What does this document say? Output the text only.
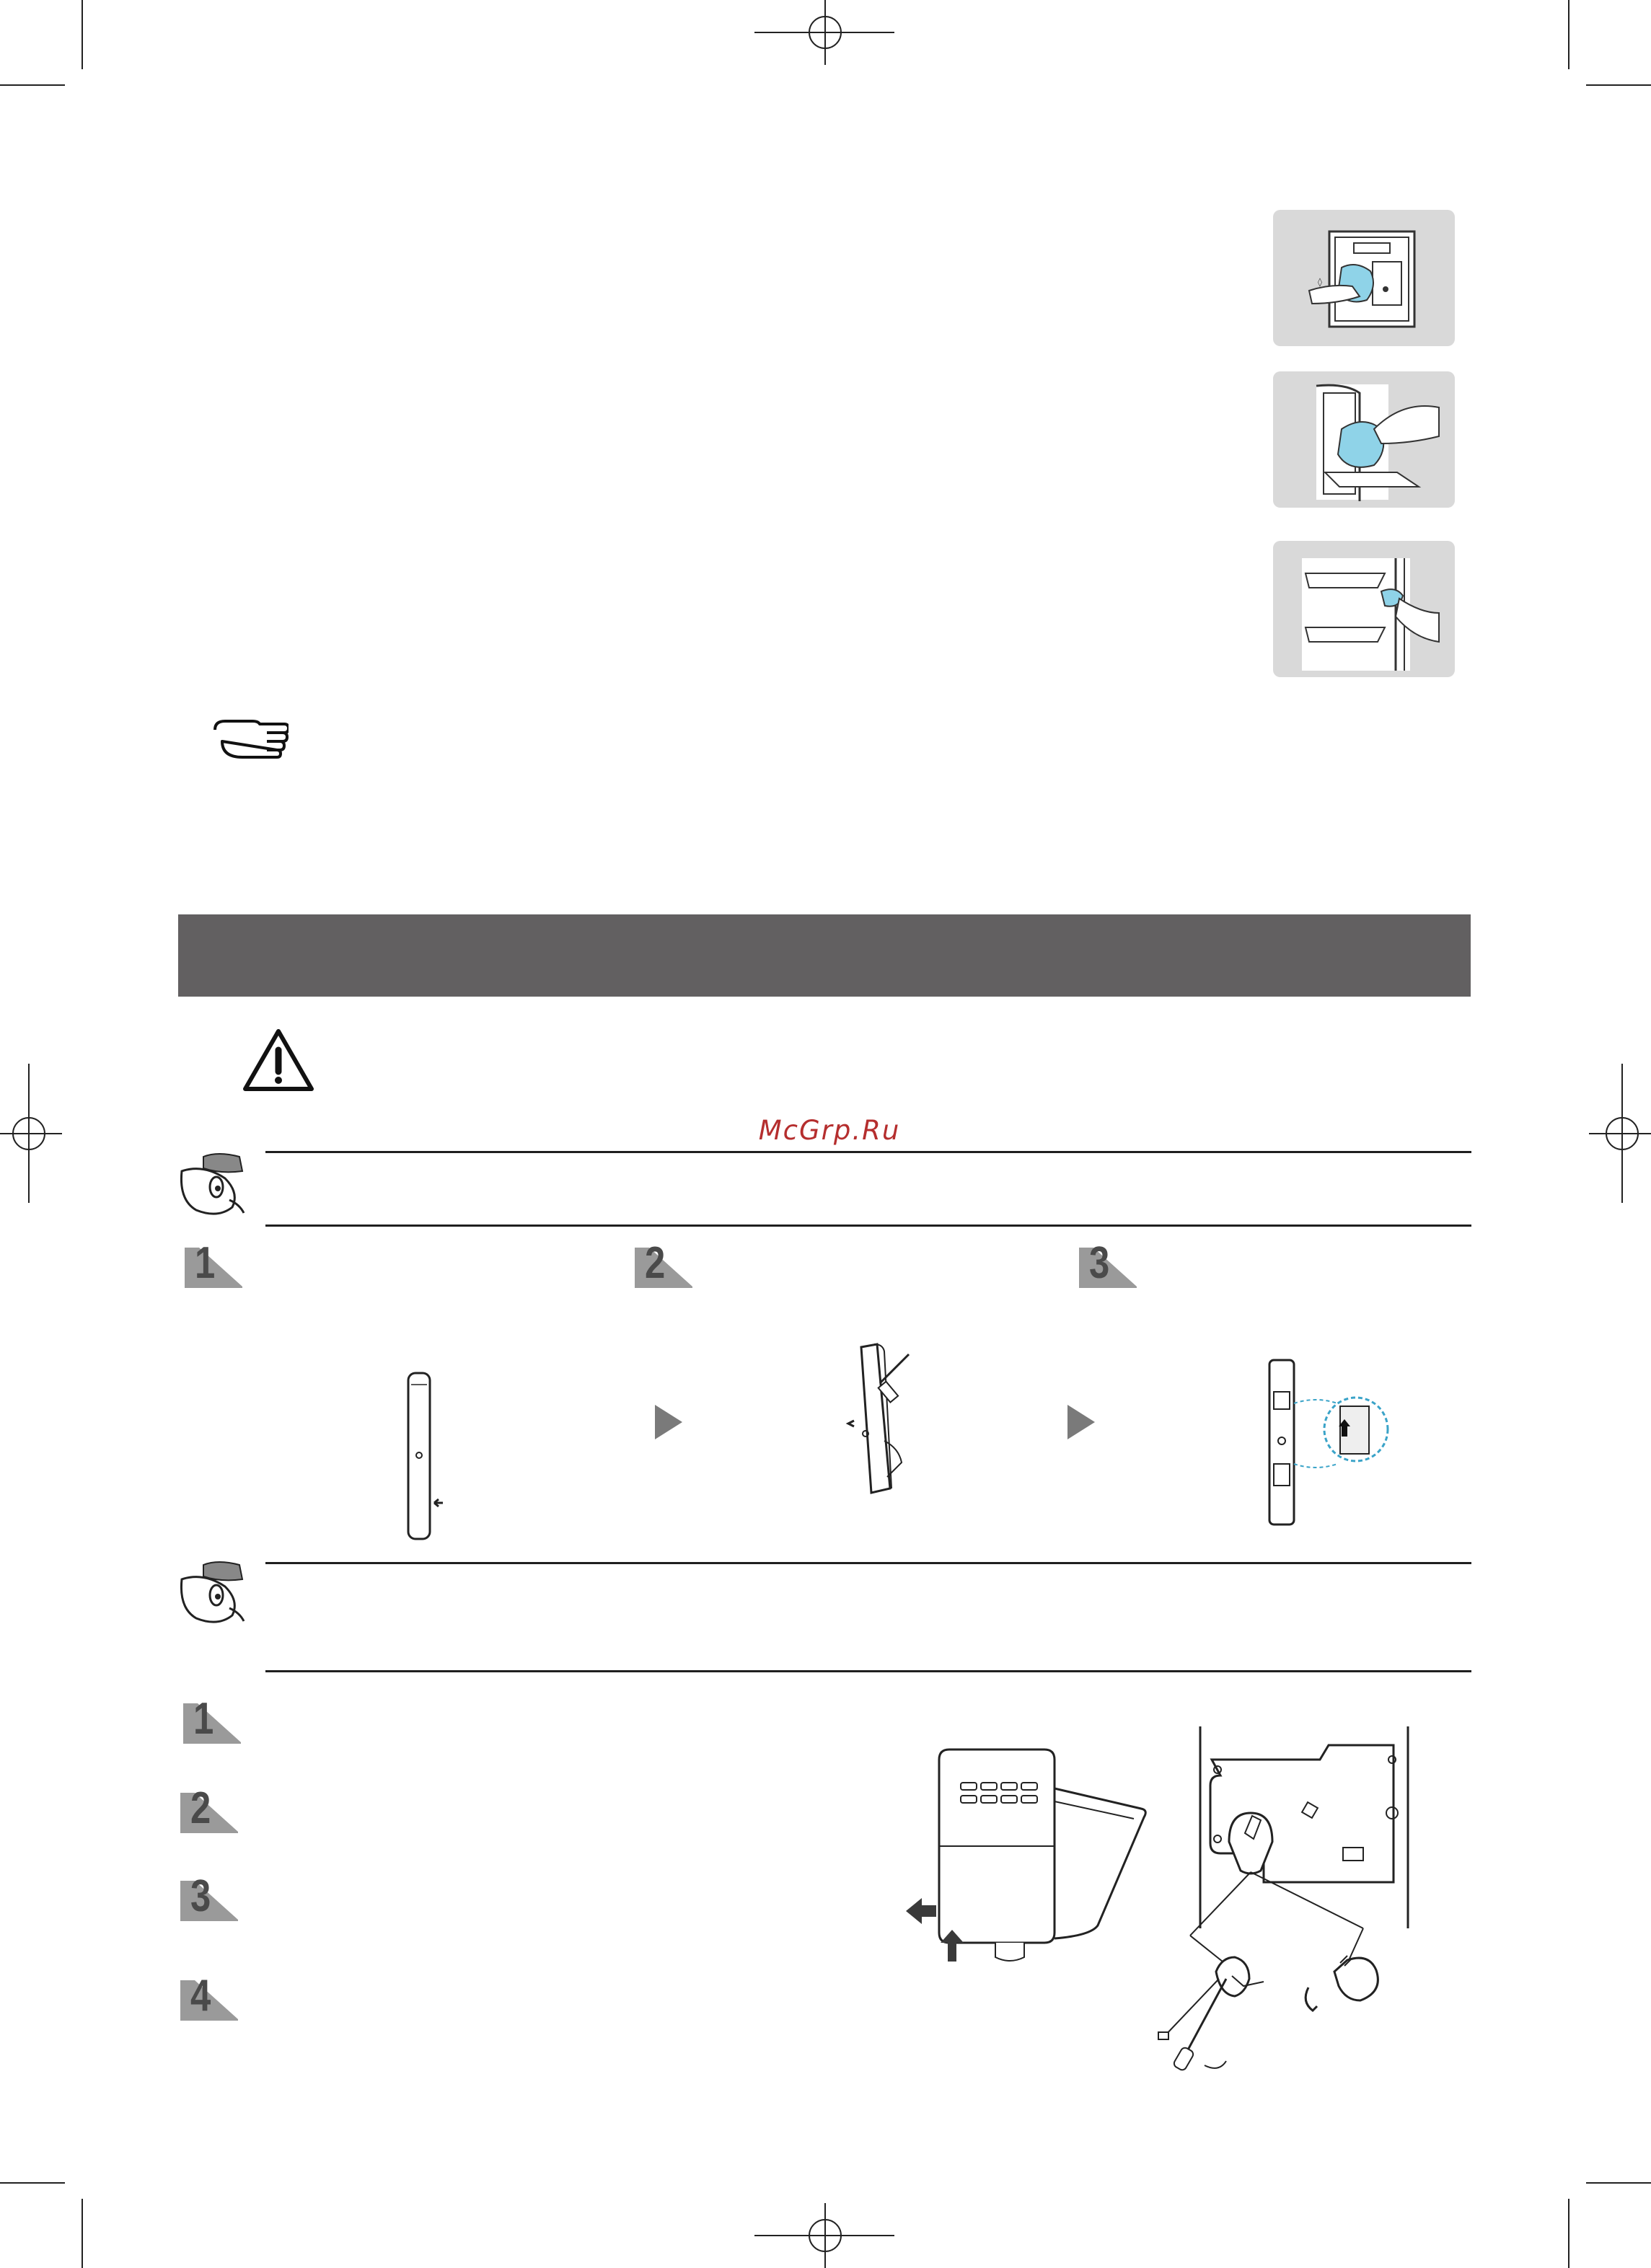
◊
McGrp.Ru
1	2	3
1
2
3
4
